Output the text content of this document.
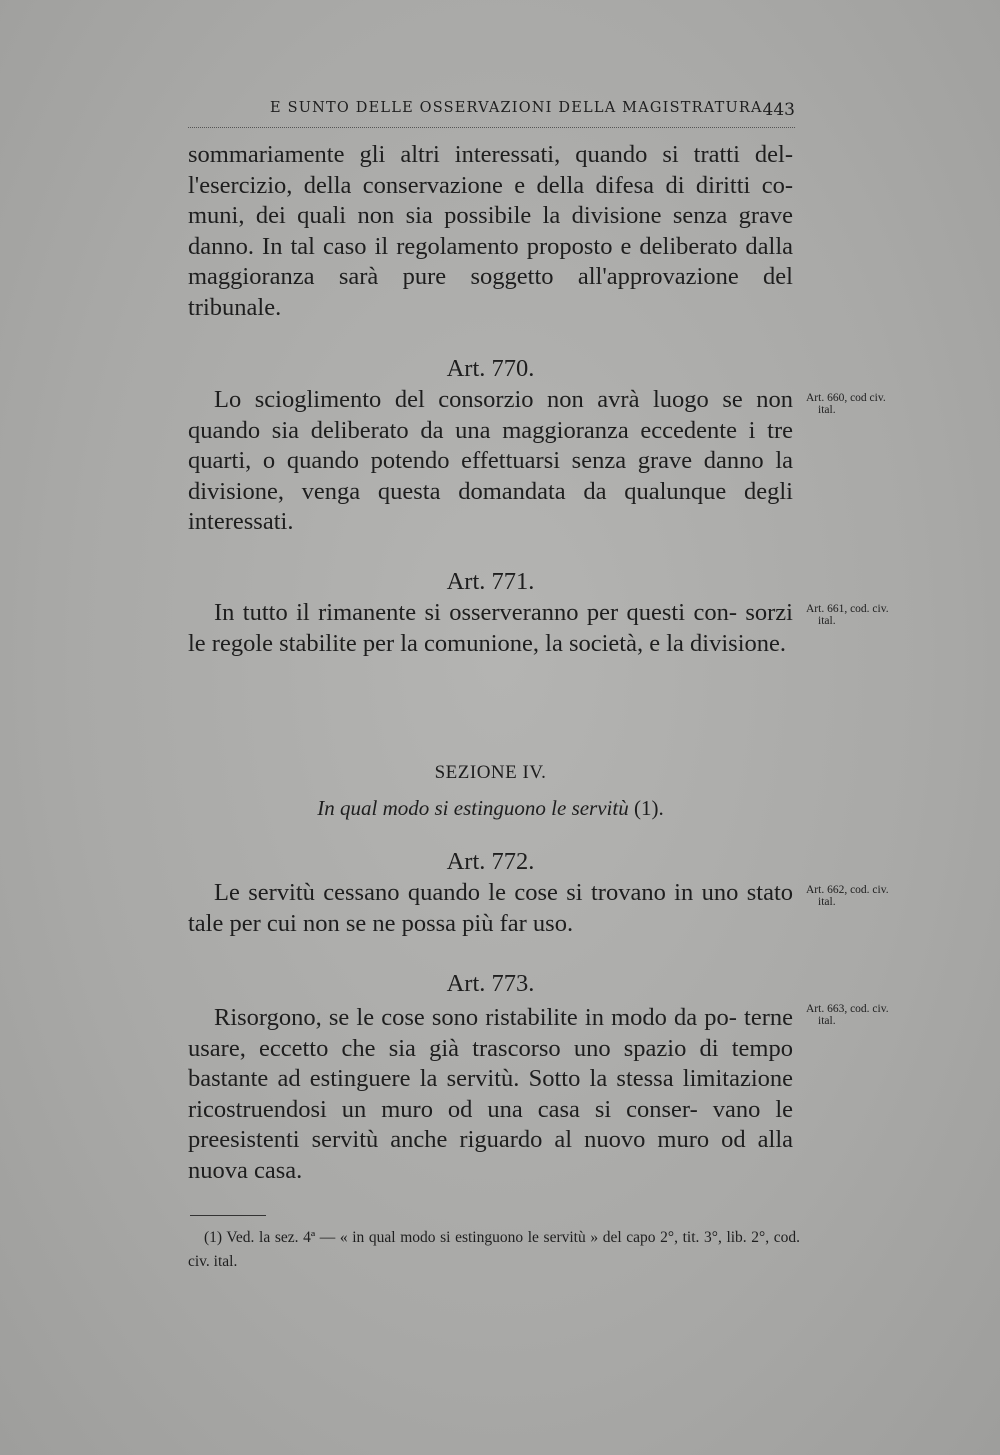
E SUNTO DELLE OSSERVAZIONI DELLA MAGISTRATURA 443

sommariamente gli altri interessati, quando si tratti del- l'esercizio, della conservazione e della difesa di diritti co- muni, dei quali non sia possibile la divisione senza grave danno. In tal caso il regolamento proposto e deliberato dalla maggioranza sarà pure soggetto all'approvazione del tribunale.

Art. 770.

Lo scioglimento del consorzio non avrà luogo se non quando sia deliberato da una maggioranza eccedente i tre quarti, o quando potendo effettuarsi senza grave danno la divisione, venga questa domandata da qualunque degli interessati.

Art. 660, cod civ.
ital.
Art. 771.

In tutto il rimanente si osserveranno per questi con- sorzi le regole stabilite per la comunione, la società, e la divisione.

Art. 661, cod. civ.
ital.
SEZIONE IV.
In qual modo si estinguono le servitù (1).
Art. 772.

Le servitù cessano quando le cose si trovano in uno stato tale per cui non se ne possa più far uso.

Art. 662, cod. civ.
ital.
Art. 773.

Risorgono, se le cose sono ristabilite in modo da po- terne usare, eccetto che sia già trascorso uno spazio di tempo bastante ad estinguere la servitù. Sotto la stessa limitazione ricostruendosi un muro od una casa si conser- vano le preesistenti servitù anche riguardo al nuovo muro od alla nuova casa.

Art. 663, cod. civ.
ital.

(1) Ved. la sez. 4ª — « in qual modo si estinguono le servitù » del capo 2°, tit. 3°, lib. 2°, cod. civ. ital.
